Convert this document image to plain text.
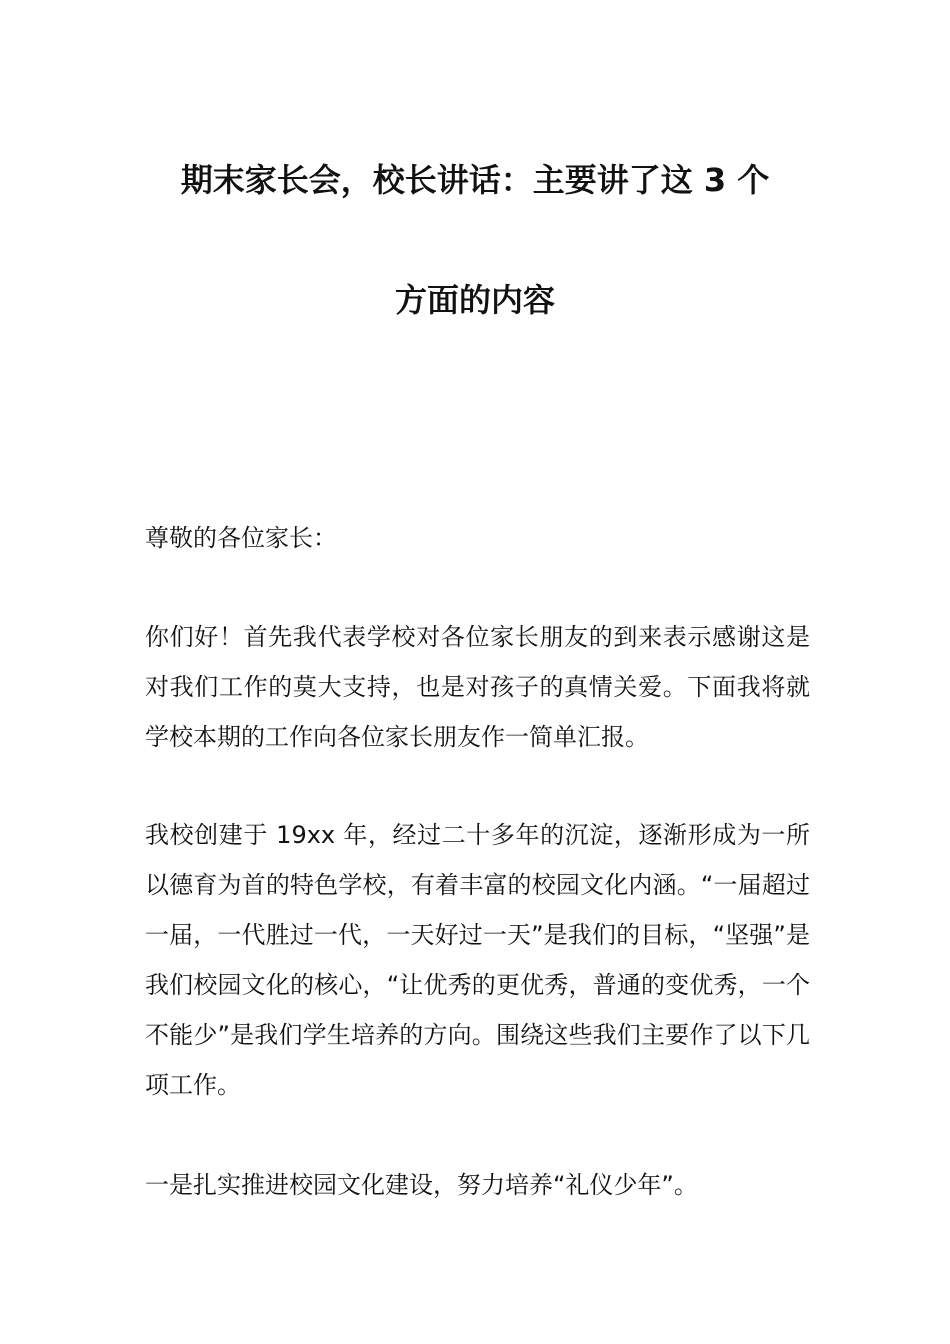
期末家长会，校长讲话：主要讲了这 3 个
方面的内容
尊敬的各位家长：
你们好！首先我代表学校对各位家长朋友的到来表示感谢这是对我们工作的莫大支持，也是对孩子的真情关爱。下面我将就学校本期的工作向各位家长朋友作一简单汇报。
我校创建于 19xx 年，经过二十多年的沉淀，逐渐形成为一所以德育为首的特色学校，有着丰富的校园文化内涵。“一届超过一届，一代胜过一代，一天好过一天”是我们的目标，“坚强”是我们校园文化的核心，“让优秀的更优秀，普通的变优秀，一个不能少”是我们学生培养的方向。围绕这些我们主要作了以下几项工作。
一是扎实推进校园文化建设，努力培养“礼仪少年”。
